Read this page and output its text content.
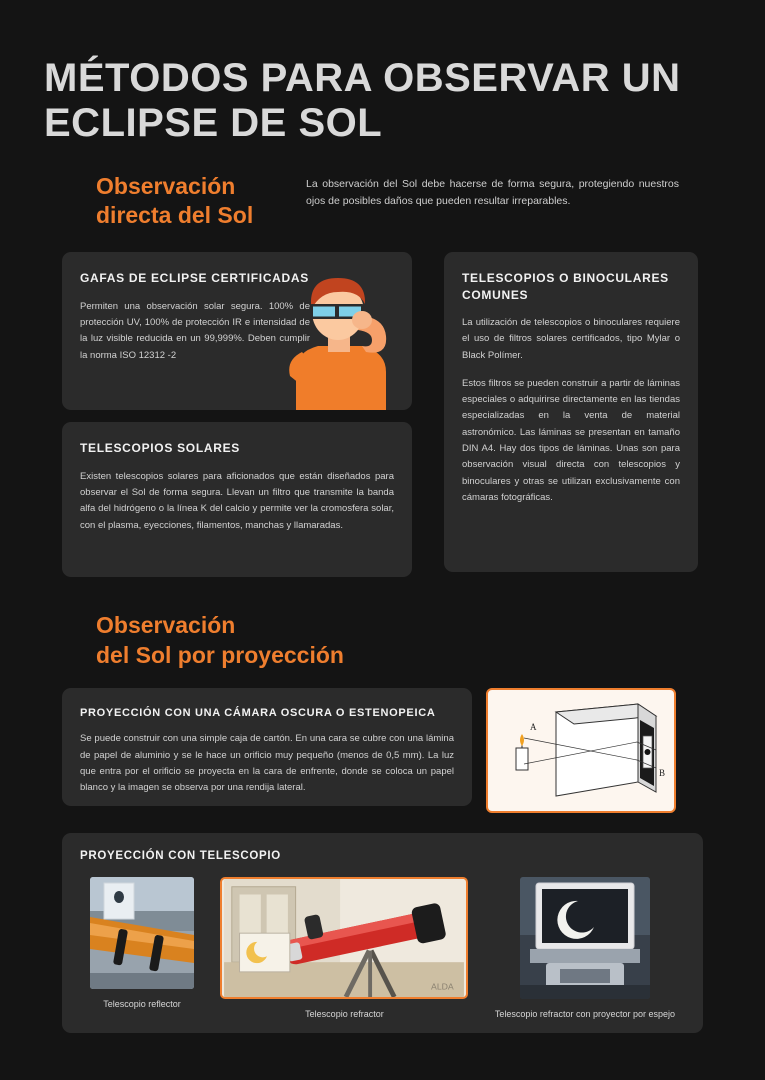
MÉTODOS PARA OBSERVAR UN ECLIPSE DE SOL
Observación
directa del Sol
La observación del Sol debe hacerse de forma segura, protegiendo nuestros ojos de posibles daños que pueden resultar irreparables.
GAFAS DE ECLIPSE CERTIFICADAS

Permiten una observación solar segura. 100% de protección UV, 100% de protección IR e intensidad de la luz visible reducida en un 99,999%. Deben cumplir la norma ISO 12312 -2

TELESCOPIOS SOLARES

Existen telescopios solares para aficionados que están diseñados para observar el Sol de forma segura. Llevan un filtro que transmite la banda alfa del hidrógeno o la línea K del calcio y permite ver la cromosfera solar, con el plasma, eyecciones, filamentos, manchas y llamaradas.

TELESCOPIOS O BINOCULARES COMUNES

La utilización de telescopios o binoculares requiere el uso de filtros solares certificados, tipo Mylar o Black Polímer.

Estos filtros se pueden construir a partir de láminas especiales o adquirirse directamente en las tiendas especializadas en la venta de material astronómico. Las láminas se presentan en tamaño DIN A4. Hay dos tipos de láminas. Unas son para observación visual directa con telescopios y binoculares y otras se utilizan exclusivamente con cámaras fotográficas.

Observación
del Sol por proyección
PROYECCIÓN CON UNA CÁMARA OSCURA O ESTENOPEICA

Se puede construir con una simple caja de cartón. En una cara se cubre con una lámina de papel de aluminio y se le hace un orificio muy pequeño (menos de 0,5 mm). La luz que entra por el orificio se proyecta en la cara de enfrente, donde se coloca un papel blanco y la imagen se observa por una rendija lateral.

A
B
PROYECCIÓN CON TELESCOPIO
Telescopio reflector
ALDA
Telescopio refractor	Telescopio refractor con proyector por espejo
